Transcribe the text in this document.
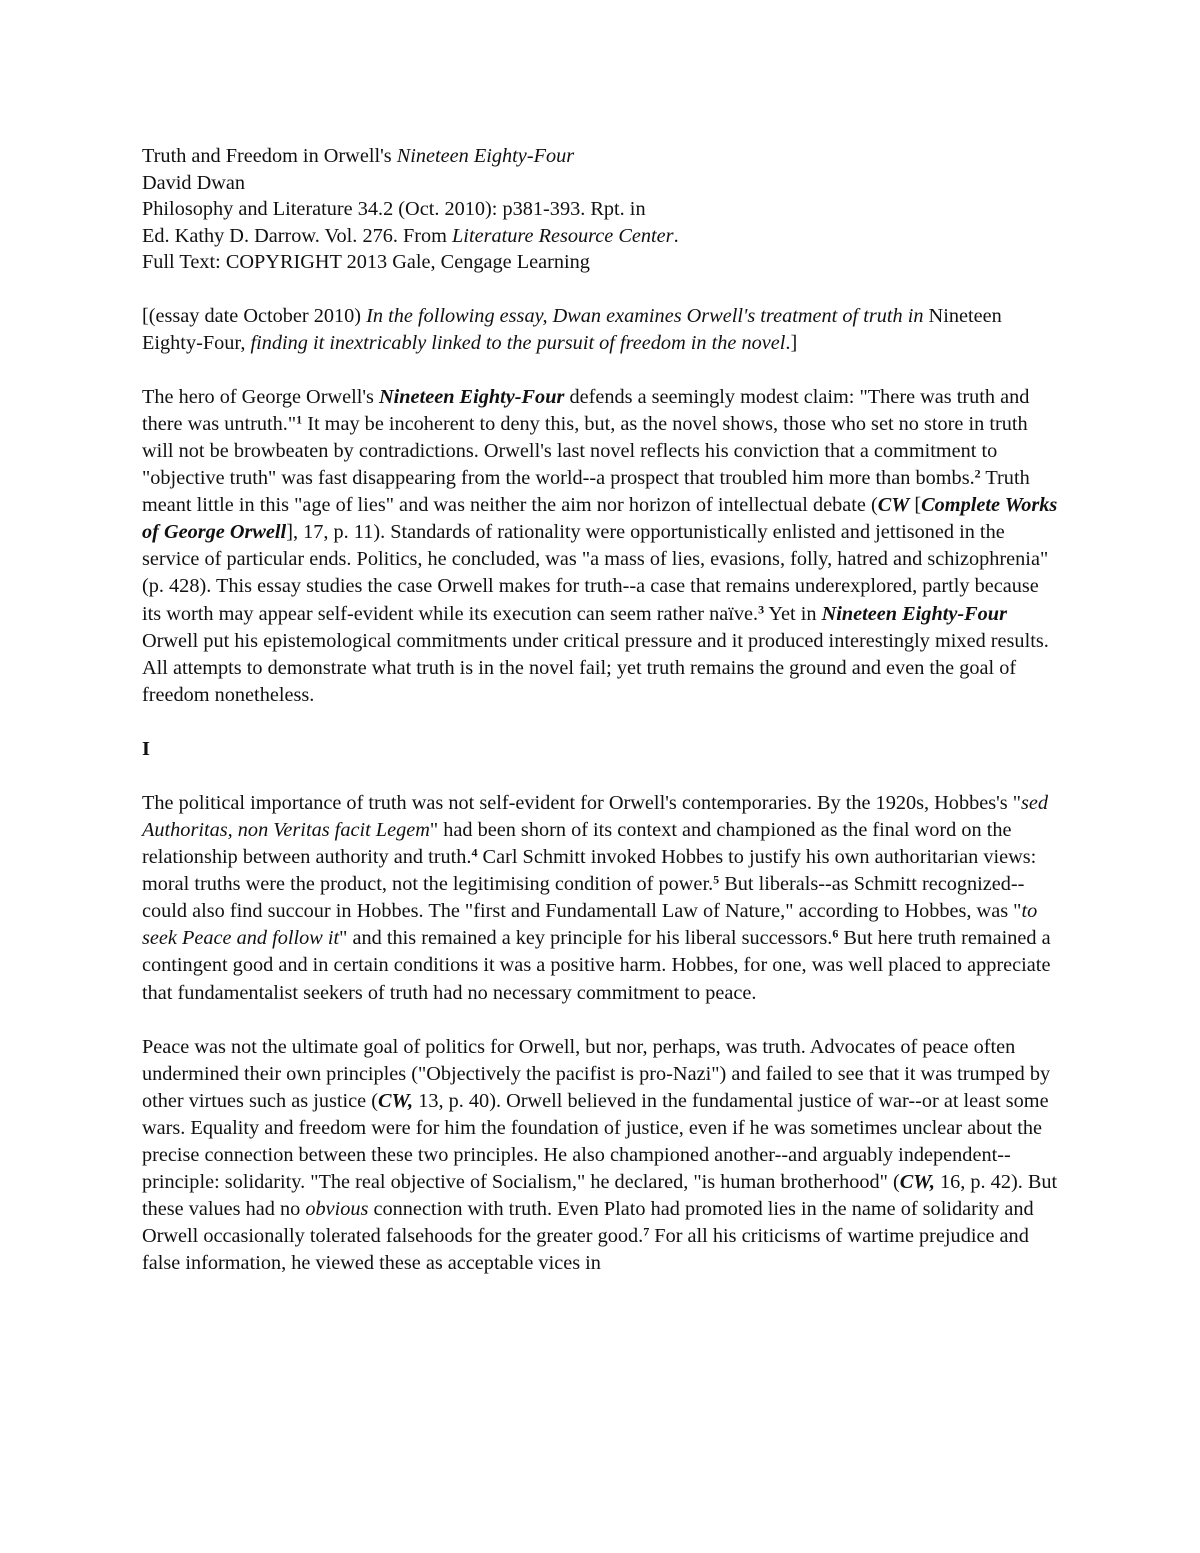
Truth and Freedom in Orwell's Nineteen Eighty-Four

David Dwan

Philosophy and Literature 34.2 (Oct. 2010): p381-393. Rpt. in

Ed. Kathy D. Darrow. Vol. 276. From Literature Resource Center.

Full Text: COPYRIGHT 2013 Gale, Cengage Learning

[(essay date October 2010) In the following essay, Dwan examines Orwell's treatment of truth in Nineteen Eighty-Four, finding it inextricably linked to the pursuit of freedom in the novel.]

The hero of George Orwell's Nineteen Eighty-Four defends a seemingly modest claim: "There was truth and there was untruth."$^1$ It may be incoherent to deny this, but, as the novel shows, those who set no store in truth will not be browbeaten by contradictions. Orwell's last novel reflects his conviction that a commitment to "objective truth" was fast disappearing from the world--a prospect that troubled him more than bombs.$^2$ Truth meant little in this "age of lies" and was neither the aim nor horizon of intellectual debate (CW [Complete Works of George Orwell], 17, p. 11). Standards of rationality were opportunistically enlisted and jettisoned in the service of particular ends. Politics, he concluded, was "a mass of lies, evasions, folly, hatred and schizophrenia" (p. 428). This essay studies the case Orwell makes for truth--a case that remains underexplored, partly because its worth may appear self-evident while its execution can seem rather naïve.$^3$ Yet in Nineteen Eighty-Four Orwell put his epistemological commitments under critical pressure and it produced interestingly mixed results. All attempts to demonstrate what truth is in the novel fail; yet truth remains the ground and even the goal of freedom nonetheless.

I

The political importance of truth was not self-evident for Orwell's contemporaries. By the 1920s, Hobbes's "sed Authoritas, non Veritas facit Legem" had been shorn of its context and championed as the final word on the relationship between authority and truth.$^4$ Carl Schmitt invoked Hobbes to justify his own authoritarian views: moral truths were the product, not the legitimising condition of power.$^5$ But liberals--as Schmitt recognized--could also find succour in Hobbes. The "first and Fundamentall Law of Nature," according to Hobbes, was "to seek Peace and follow it" and this remained a key principle for his liberal successors.$^6$ But here truth remained a contingent good and in certain conditions it was a positive harm. Hobbes, for one, was well placed to appreciate that fundamentalist seekers of truth had no necessary commitment to peace.

Peace was not the ultimate goal of politics for Orwell, but nor, perhaps, was truth. Advocates of peace often undermined their own principles ("Objectively the pacifist is pro-Nazi") and failed to see that it was trumped by other virtues such as justice (CW, 13, p. 40). Orwell believed in the fundamental justice of war--or at least some wars. Equality and freedom were for him the foundation of justice, even if he was sometimes unclear about the precise connection between these two principles. He also championed another--and arguably independent--principle: solidarity. "The real objective of Socialism," he declared, "is human brotherhood" (CW, 16, p. 42). But these values had no obvious connection with truth. Even Plato had promoted lies in the name of solidarity and Orwell occasionally tolerated falsehoods for the greater good.$^7$ For all his criticisms of wartime prejudice and false information, he viewed these as acceptable vices in
